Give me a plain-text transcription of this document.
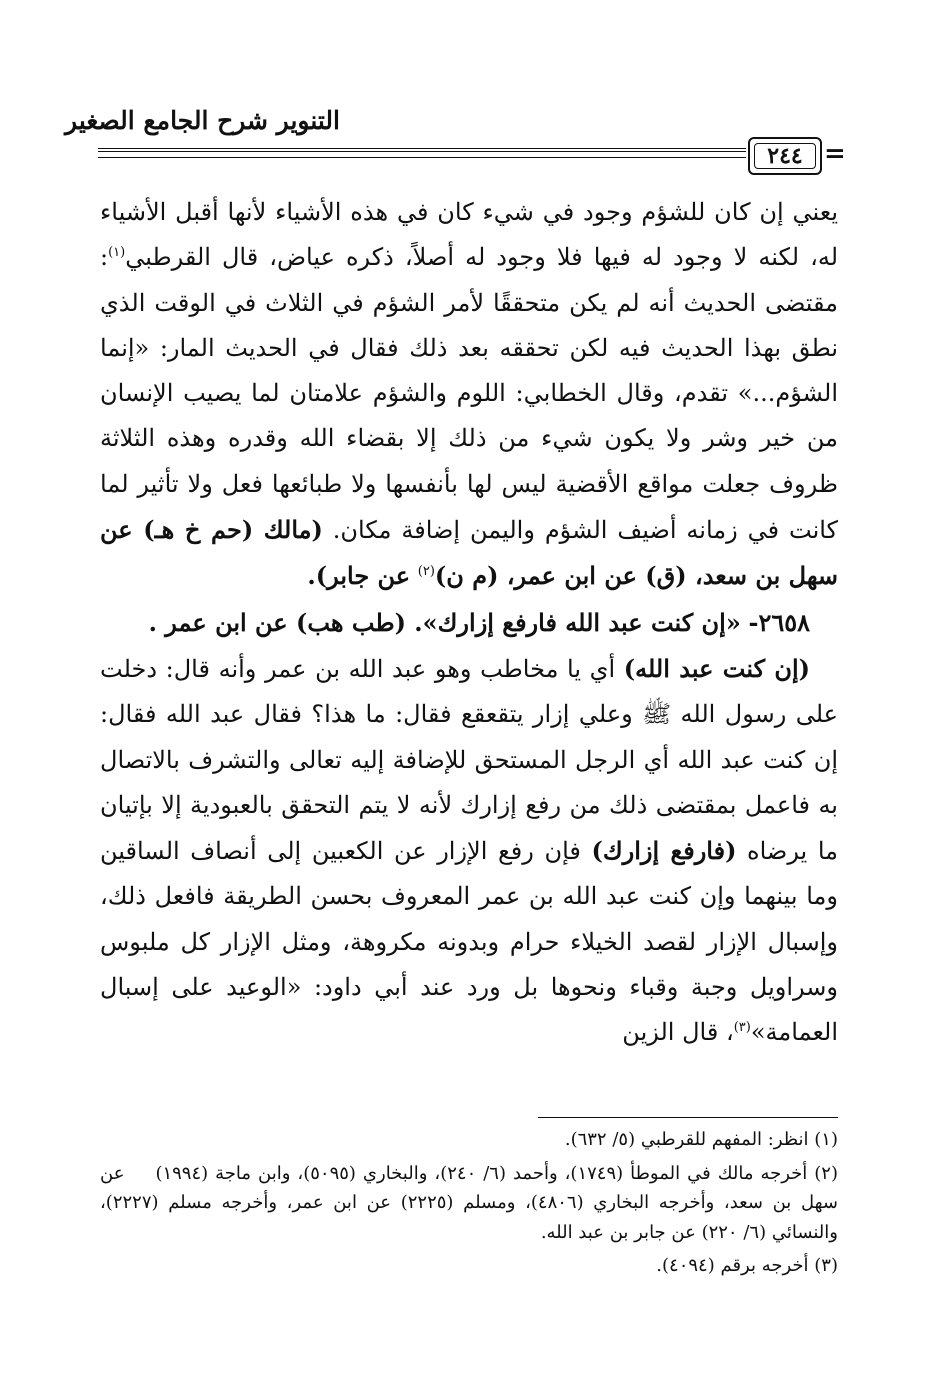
التنوير شرح الجامع الصغير
٢٤٤ =

يعني إن كان للشؤم وجود في شيء كان في هذه الأشياء لأنها أقبل الأشياء له، لكنه لا وجود له فيها فلا وجود له أصلاً، ذكره عياض، قال القرطبي$^{(١)}$: مقتضى الحديث أنه لم يكن متحققًا لأمر الشؤم في الثلاث في الوقت الذي نطق بهذا الحديث فيه لكن تحققه بعد ذلك فقال في الحديث المار: «إنما الشؤم...» تقدم، وقال الخطابي: اللوم والشؤم علامتان لما يصيب الإنسان من خير وشر ولا يكون شيء من ذلك إلا بقضاء الله وقدره وهذه الثلاثة ظروف جعلت مواقع الأقضية ليس لها بأنفسها ولا طبائعها فعل ولا تأثير لما كانت في زمانه أضيف الشؤم واليمن إضافة مكان. (مالك (حم خ هـ) عن سهل بن سعد، (ق) عن ابن عمر، (م ن)$^{(٢)}$ عن جابر).

٢٦٥٨- «إن كنت عبد الله فارفع إزارك». (طب هب) عن ابن عمر .

(إن كنت عبد الله) أي يا مخاطب وهو عبد الله بن عمر وأنه قال: دخلت على رسول الله ﷺ وعلي إزار يتقعقع فقال: ما هذا؟ فقال عبد الله فقال: إن كنت عبد الله أي الرجل المستحق للإضافة إليه تعالى والتشرف بالاتصال به فاعمل بمقتضى ذلك من رفع إزارك لأنه لا يتم التحقق بالعبودية إلا بإتيان ما يرضاه (فارفع إزارك) فإن رفع الإزار عن الكعبين إلى أنصاف الساقين وما بينهما وإن كنت عبد الله بن عمر المعروف بحسن الطريقة فافعل ذلك، وإسبال الإزار لقصد الخيلاء حرام وبدونه مكروهة، ومثل الإزار كل ملبوس وسراويل وجبة وقباء ونحوها بل ورد عند أبي داود: «الوعيد على إسبال العمامة»$^{(٣)}$، قال الزين

(١) انظر: المفهم للقرطبي (٥/ ٦٣٢).

(٢) أخرجه مالك في الموطأ (١٧٤٩)، وأحمد (٦/ ٢٤٠)، والبخاري (٥٠٩٥)، وابن ماجة (١٩٩٤) عن سهل بن سعد، وأخرجه البخاري (٤٨٠٦)، ومسلم (٢٢٢٥) عن ابن عمر، وأخرجه مسلم (٢٢٢٧)، والنسائي (٦/ ٢٢٠) عن جابر بن عبد الله.

(٣) أخرجه برقم (٤٠٩٤).
